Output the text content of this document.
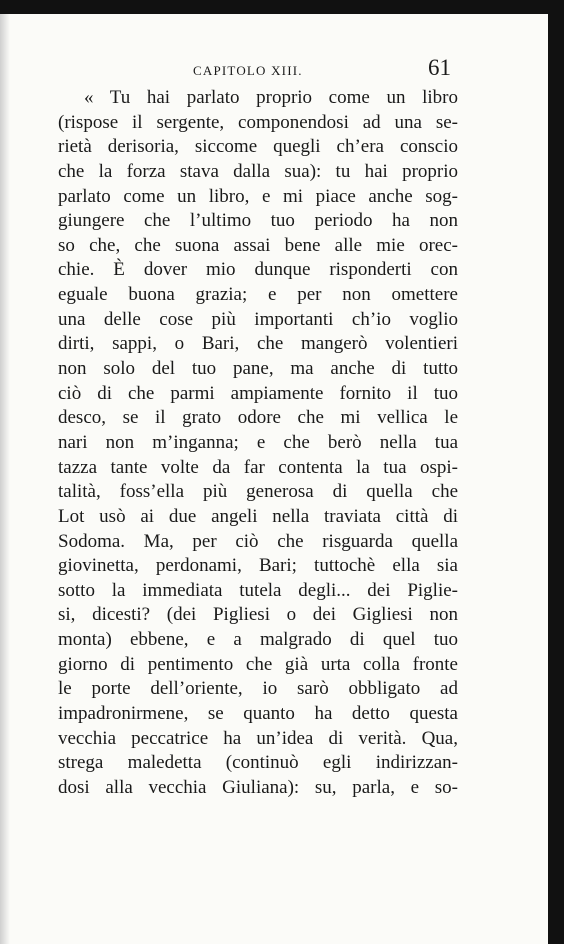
CAPITOLO XIII.	61
« Tu hai parlato proprio come un libro
(rispose il sergente, componendosi ad una se-
rietà derisoria, siccome quegli ch’era conscio
che la forza stava dalla sua): tu hai proprio
parlato come un libro, e mi piace anche sog-
giungere che l’ultimo tuo periodo ha non
so che, che suona assai bene alle mie orec-
chie. È dover mio dunque risponderti con
eguale buona grazia; e per non omettere
una delle cose più importanti ch’io voglio
dirti, sappi, o Bari, che mangerò volentieri
non solo del tuo pane, ma anche di tutto
ciò di che parmi ampiamente fornito il tuo
desco, se il grato odore che mi vellica le
nari non m’inganna; e che berò nella tua
tazza tante volte da far contenta la tua ospi-
talità, foss’ella più generosa di quella che
Lot usò ai due angeli nella traviata città di
Sodoma. Ma, per ciò che risguarda quella
giovinetta, perdonami, Bari; tuttochè ella sia
sotto la immediata tutela degli... dei Piglie-
si, dicesti? (dei Pigliesi o dei Gigliesi non
monta) ebbene, e a malgrado di quel tuo
giorno di pentimento che già urta colla fronte
le porte dell’oriente, io sarò obbligato ad
impadronirmene, se quanto ha detto questa
vecchia peccatrice ha un’idea di verità. Qua,
strega maledetta (continuò egli indirizzan-
dosi alla vecchia Giuliana): su, parla, e so-
